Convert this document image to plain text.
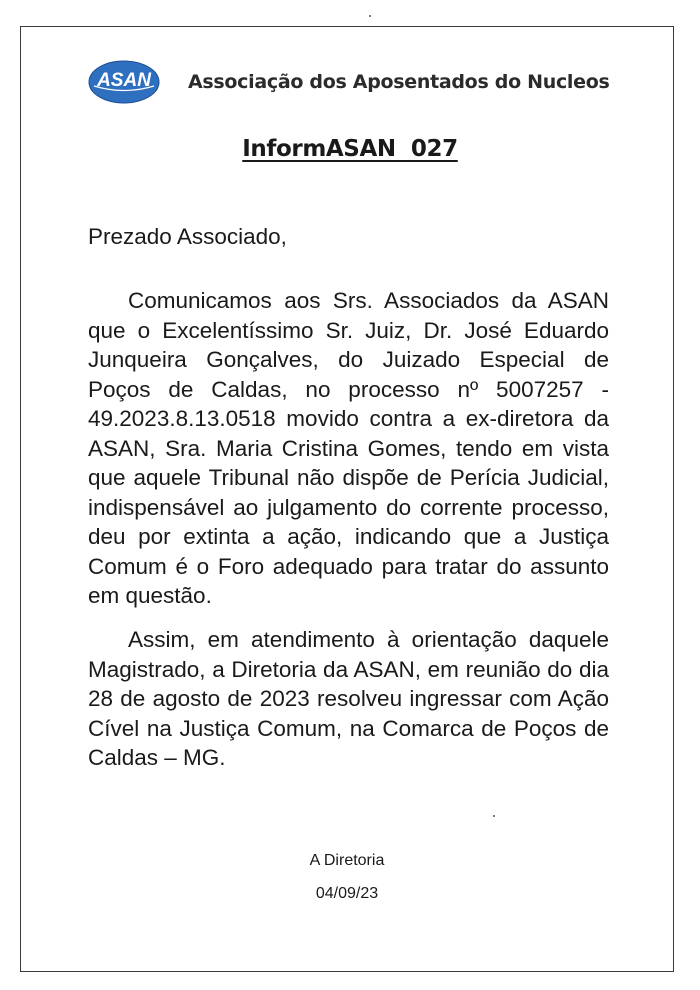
ASAN Associação dos Aposentados do Nucleos
InformASAN  027
Prezado Associado,

Comunicamos aos Srs. Associados da ASAN que o Excelentíssimo Sr. Juiz, Dr. José Eduardo Junqueira Gonçalves, do Juizado Especial de Poços de Caldas, no processo nº 5007257 - 49.2023.8.13.0518 movido contra a ex-diretora da ASAN, Sra. Maria Cristina Gomes, tendo em vista que aquele Tribunal não dispõe de Perícia Judicial, indispensável ao julgamento do corrente processo, deu por extinta a ação, indicando que a Justiça Comum é o Foro adequado para tratar do assunto em questão.

Assim, em atendimento à orientação daquele Magistrado, a Diretoria da ASAN, em reunião do dia 28 de agosto de 2023 resolveu ingressar com Ação Cível na Justiça Comum, na Comarca de Poços de Caldas – MG.

A Diretoria
04/09/23
